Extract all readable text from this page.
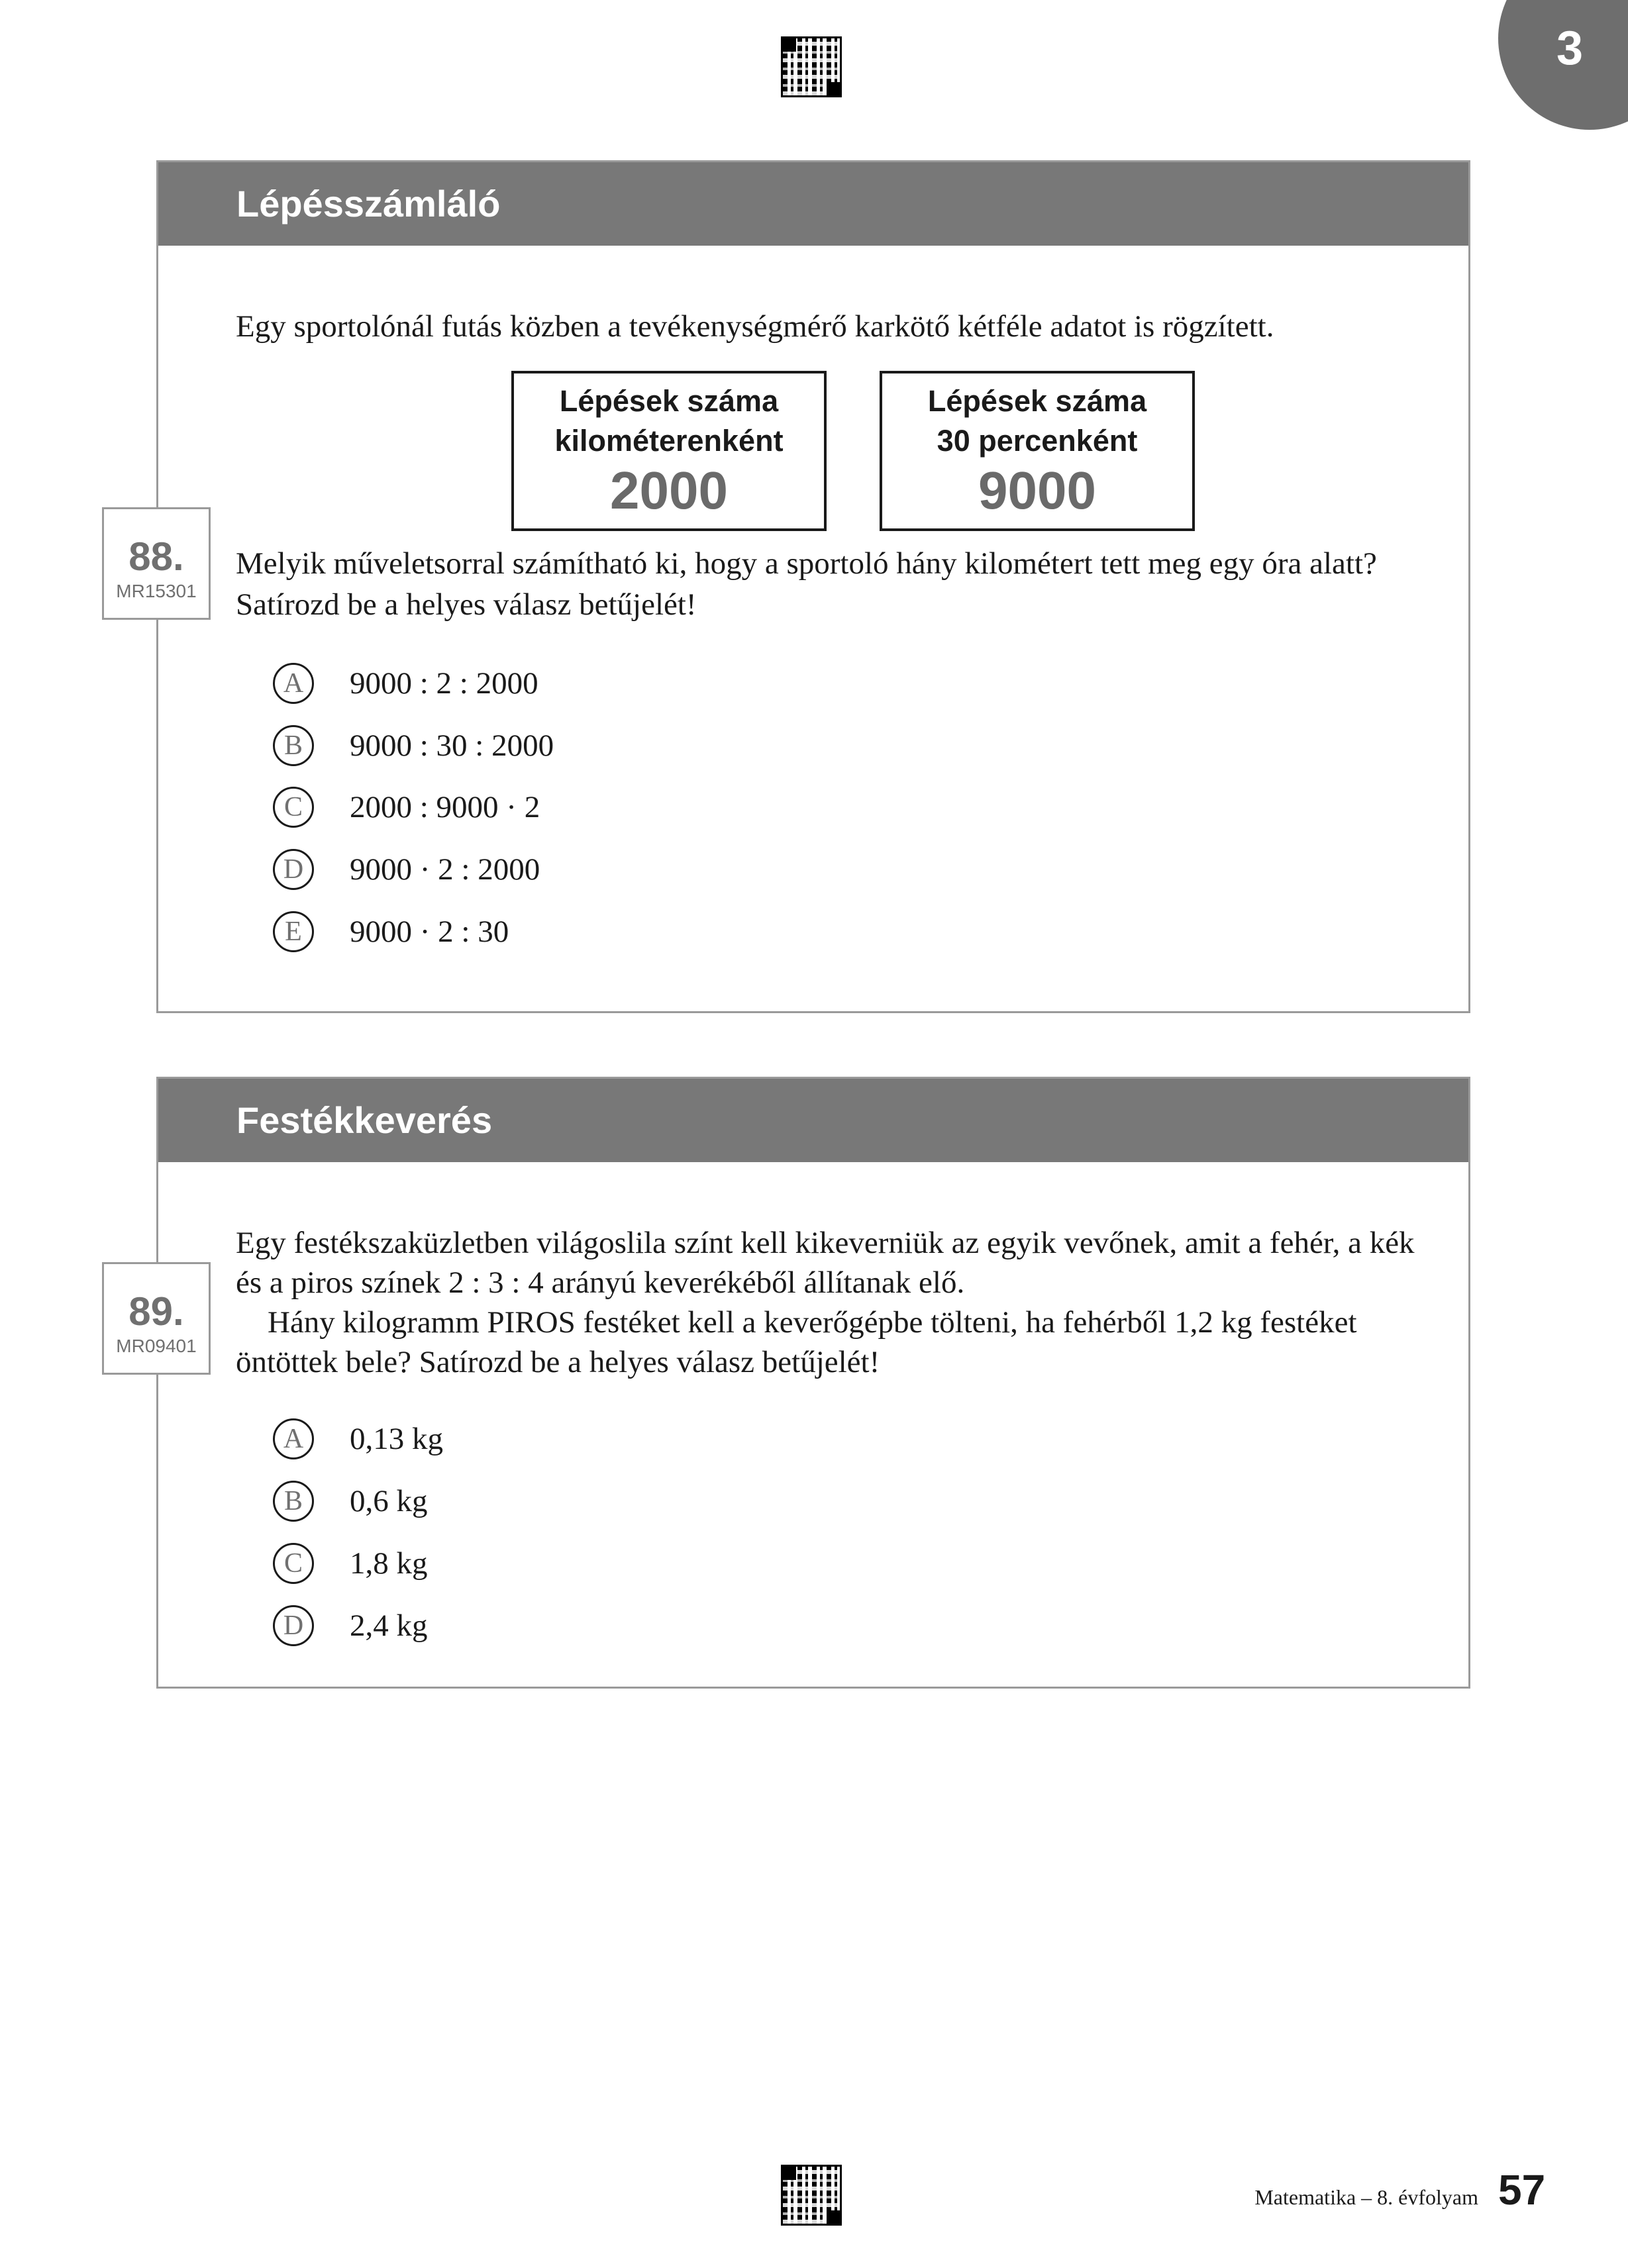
3
Lépésszámláló
Egy sportolónál futás közben a tevékenységmérő karkötő kétféle adatot is rögzített.
Lépések száma
kilométerenként
2000
Lépések száma
30 percenként
9000
88.
MR15301
Melyik műveletsorral számítható ki, hogy a sportoló hány kilométert tett meg egy óra alatt?
Satírozd be a helyes válasz betűjelét!
A	9000 : 2 : 2000
B	9000 : 30 : 2000
C	2000 : 9000 · 2
D	9000 · 2 : 2000
E	9000 · 2 : 30
Festékkeverés
89.
MR09401
Egy festékszaküzletben világoslila színt kell kikeverniük az egyik vevőnek, amit a fehér, a kék
és a piros színek 2 : 3 : 4 arányú keverékéből állítanak elő.
Hány kilogramm PIROS festéket kell a keverőgépbe tölteni, ha fehérből 1,2 kg festéket
öntöttek bele? Satírozd be a helyes válasz betűjelét!
A	0,13 kg
B	0,6 kg
C	1,8 kg
D	2,4 kg
Matematika – 8. évfolyam 57
